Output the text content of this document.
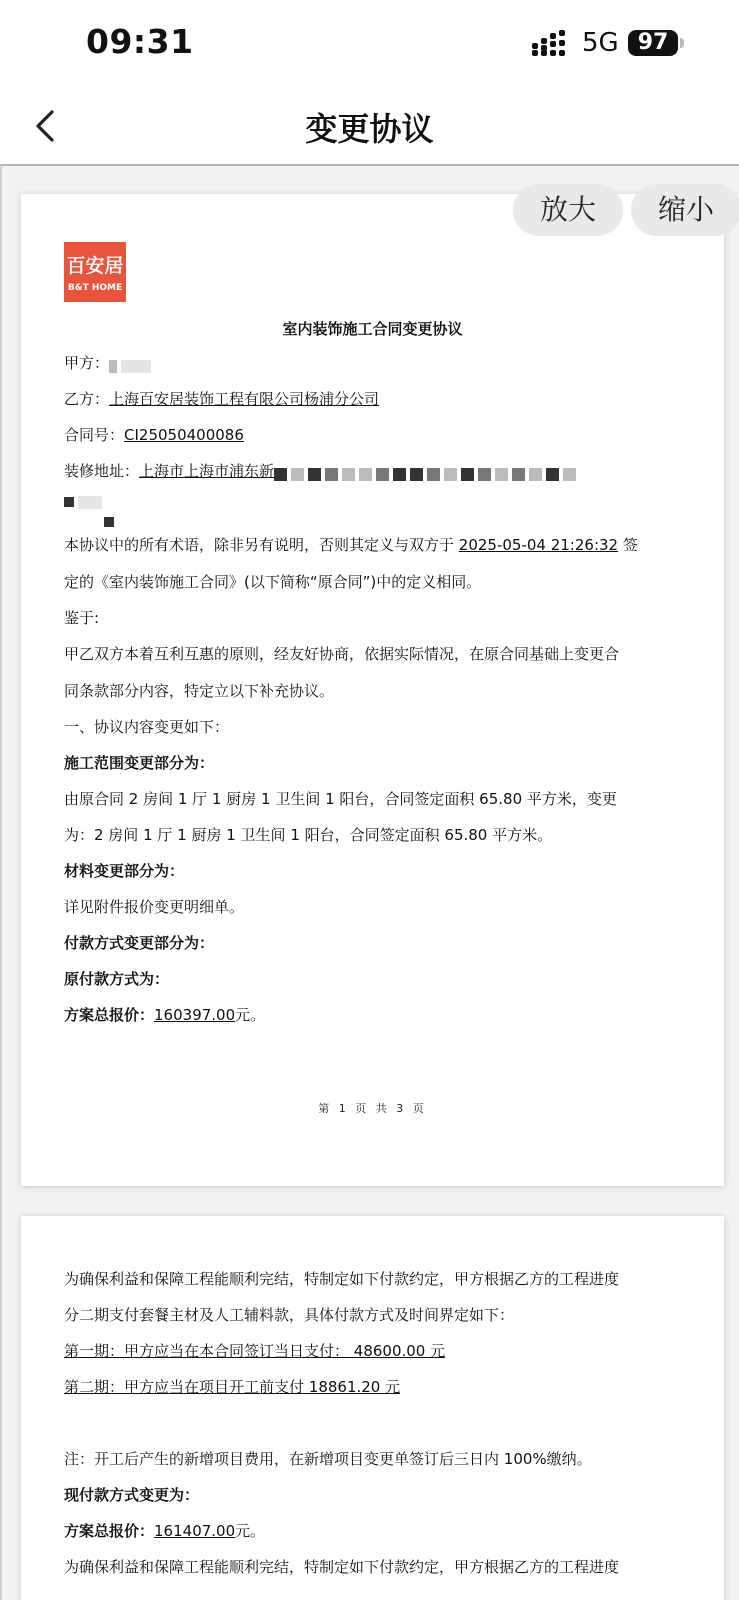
09:31	5G 97
变更协议
百安居
B&T HOME
室内装饰施工合同变更协议
甲方：
乙方：上海百安居装饰工程有限公司杨浦分公司
合同号：CI25050400086
装修地址：上海市上海市浦东新
本协议中的所有术语，除非另有说明，否则其定义与双方于 2025-05-04 21:26:32 签
定的《室内装饰施工合同》(以下简称“原合同”)中的定义相同。
鉴于:
甲乙双方本着互利互惠的原则，经友好协商，依据实际情况，在原合同基础上变更合
同条款部分内容，特定立以下补充协议。
一、协议内容变更如下：
施工范围变更部分为：
由原合同 2 房间 1 厅 1 厨房 1 卫生间 1 阳台，合同签定面积 65.80 平方米，变更
为：2 房间 1 厅 1 厨房 1 卫生间 1 阳台，合同签定面积 65.80 平方米。
材料变更部分为：
详见附件报价变更明细单。
付款方式变更部分为：
原付款方式为：
方案总报价：160397.00元。
第 1 页 共 3 页
放大	缩小
为确保利益和保障工程能顺利完结，特制定如下付款约定，甲方根据乙方的工程进度
分二期支付套餐主材及人工辅料款，具体付款方式及时间界定如下：
第一期：甲方应当在本合同签订当日支付： 48600.00 元
第二期：甲方应当在项目开工前支付 18861.20 元
注：开工后产生的新增项目费用，在新增项目变更单签订后三日内 100%缴纳。
现付款方式变更为：
方案总报价：161407.00元。
为确保利益和保障工程能顺利完结，特制定如下付款约定，甲方根据乙方的工程进度
